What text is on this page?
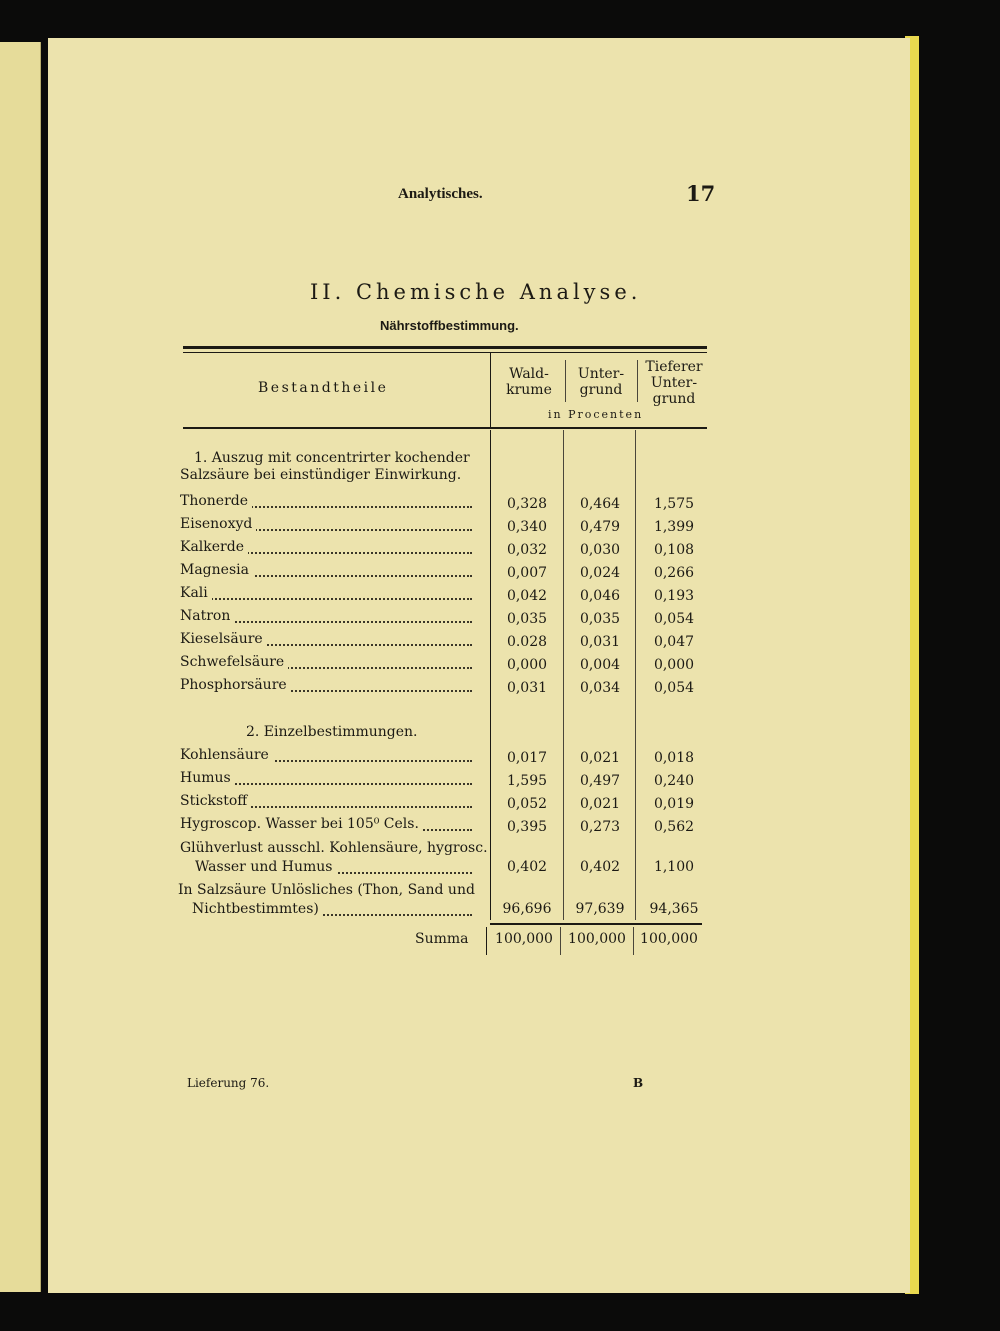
Analytisches.	17
II. Chemische Analyse.
Nährstoffbestimmung.
Bestandtheile
Wald-
krume
Unter-
grund
Tieferer
Unter-
grund
in Procenten
1. Auszug mit concentrirter kochender
Salzsäure bei einstündiger Einwirkung.
Thonerde	0,328	0,464	1,575
Eisenoxyd	0,340	0,479	1,399
Kalkerde	0,032	0,030	0,108
Magnesia	0,007	0,024	0,266
Kali	0,042	0,046	0,193
Natron	0,035	0,035	0,054
Kieselsäure	0.028	0,031	0,047
Schwefelsäure	0,000	0,004	0,000
Phosphorsäure	0,031	0,034	0,054
Kohlensäure	0,017	0,021	0,018
Humus	1,595	0,497	0,240
Stickstoff	0,052	0,021	0,019
Hygroscop. Wasser bei 105⁰ Cels.	0,395	0,273	0,562
Glühverlust ausschl. Kohlensäure, hygrosc.
Wasser und Humus	0,402	0,402	1,100
In Salzsäure Unlösliches (Thon, Sand und
Nichtbestimmtes)	96,696	97,639	94,365
2. Einzelbestimmungen.
Summa	100,000	100,000	100,000
Lieferung 76.	B
